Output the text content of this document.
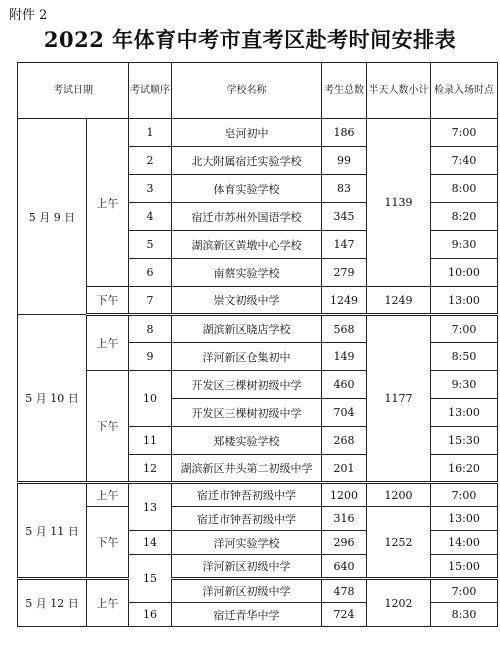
附件 2
2022 年体育中考市直考区赴考时间安排表
考试日期		考试顺序	学校名称	考生总数	半天人数小计	检录入场时点
5 月 9 日	上午	1	皂河初中	186	1139	7:00
		2	北大附属宿迁实验学校	99		7:40
		3	体育实验学校	83		8:00
		4	宿迁市苏州外国语学校	345		8:20
		5	湖滨新区黄墩中心学校	147		9:30
		6	南蔡实验学校	279		10:00
	下午	7	崇文初级中学	1249	1249	13:00
5 月 10 日	上午	8	湖滨新区晓店学校	568	1177	7:00
		9	洋河新区仓集初中	149		8:50
	下午	10	开发区三棵树初级中学	460		9:30
			开发区三棵树初级中学	704		13:00
		11	郑楼实验学校	268		15:30
		12	湖滨新区井头第二初级中学	201		16:20
5 月 11 日	上午	13	宿迁市钟吾初级中学	1200	1200	7:00
	下午		宿迁市钟吾初级中学	316	1252	13:00
		14	洋河实验学校	296		14:00
		15	洋河新区初级中学	640		15:00
5 月 12 日	上午		洋河新区初级中学	478	1202	7:00
		16	宿迁青华中学	724		8:30
